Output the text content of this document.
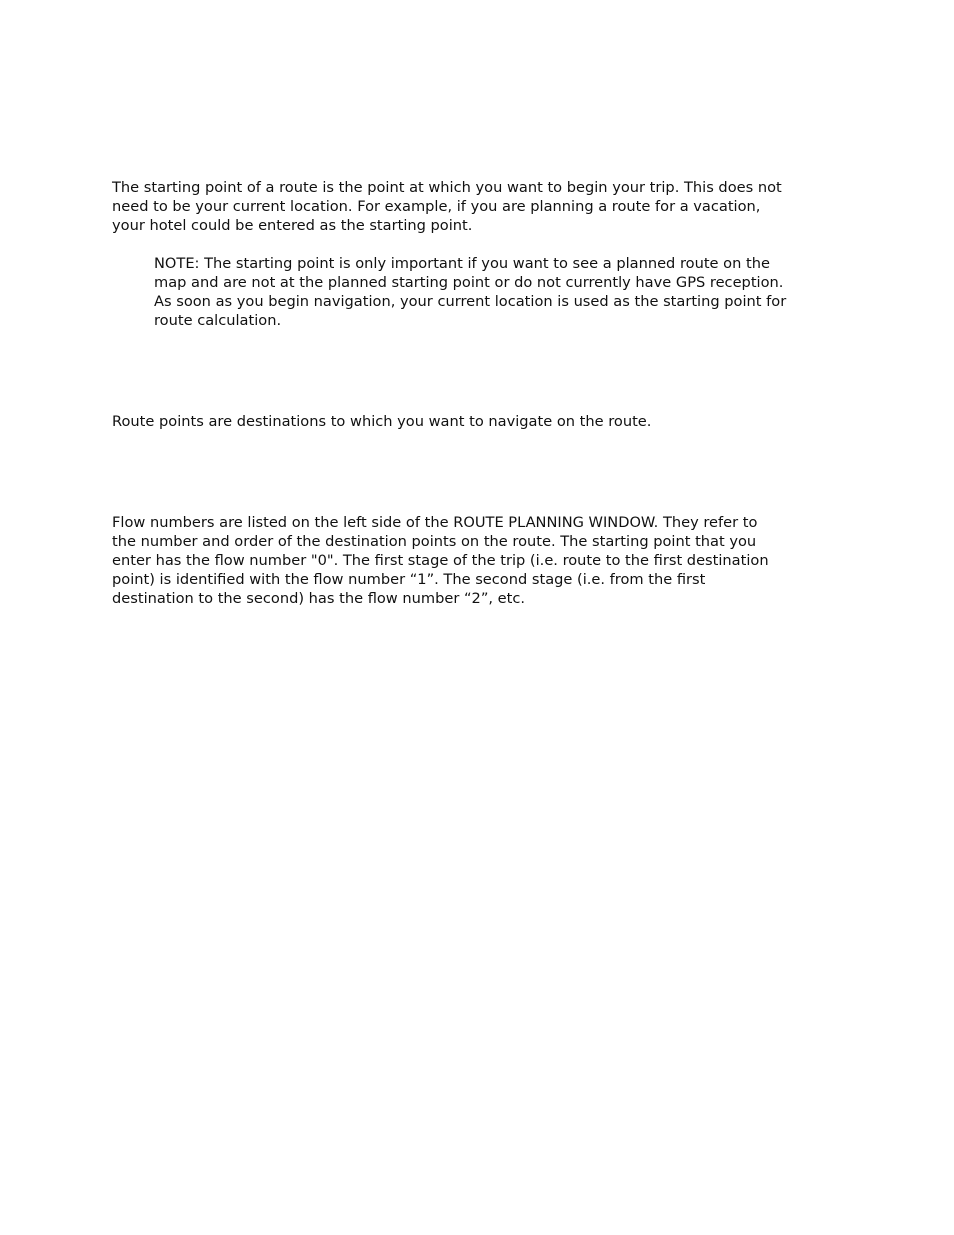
The starting point of a route is the point at which you want to begin your trip. This does not
need to be your current location. For example, if you are planning a route for a vacation,
your hotel could be entered as the starting point.

NOTE: The starting point is only important if you want to see a planned route on the
map and are not at the planned starting point or do not currently have GPS reception.
As soon as you begin navigation, your current location is used as the starting point for
route calculation.

Route points are destinations to which you want to navigate on the route.

Flow numbers are listed on the left side of the ROUTE PLANNING WINDOW. They refer to
the number and order of the destination points on the route. The starting point that you
enter has the flow number "0". The first stage of the trip (i.e. route to the first destination
point) is identified with the flow number “1”. The second stage (i.e. from the first
destination to the second) has the flow number “2”, etc.
